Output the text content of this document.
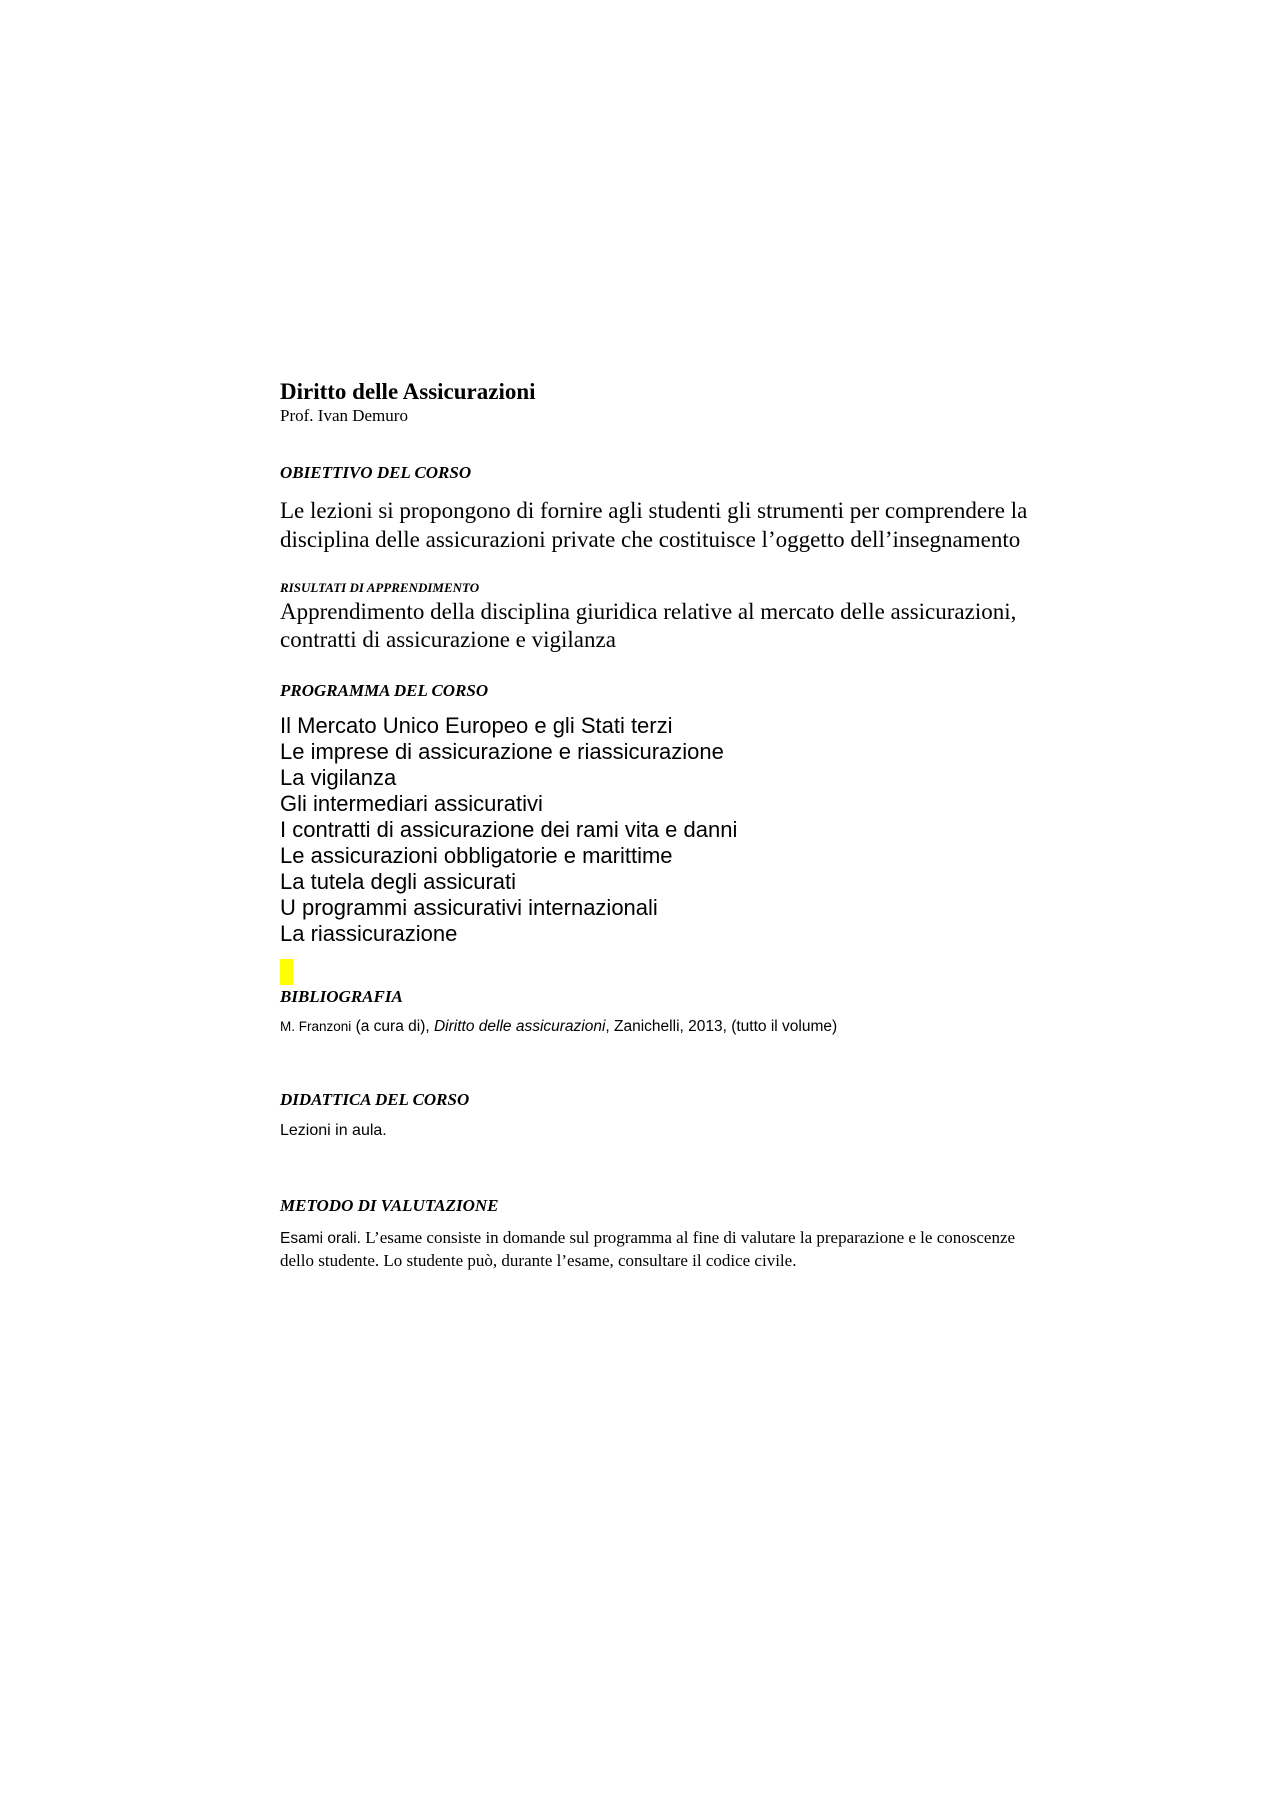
Diritto delle Assicurazioni

Prof. Ivan Demuro

OBIETTIVO DEL CORSO

Le lezioni si propongono di fornire agli studenti gli strumenti per comprendere la
disciplina delle assicurazioni private che costituisce l’oggetto dell’insegnamento

RISULTATI DI APPRENDIMENTO

Apprendimento della disciplina giuridica relative al mercato delle assicurazioni, contratti di assicurazione e vigilanza

PROGRAMMA DEL CORSO
Il Mercato Unico Europeo e gli Stati terzi
Le imprese di assicurazione e riassicurazione
La vigilanza
Gli intermediari assicurativi
I contratti di assicurazione dei rami vita e danni
Le assicurazioni obbligatorie e marittime
La tutela degli assicurati
U programmi assicurativi internazionali
La riassicurazione
BIBLIOGRAFIA

M. Franzoni (a cura di), Diritto delle assicurazioni, Zanichelli, 2013, (tutto il volume)

DIDATTICA DEL CORSO

Lezioni in aula.

METODO DI VALUTAZIONE

Esami orali. L’esame consiste in domande sul programma al fine di valutare la preparazione e le conoscenze dello studente. Lo studente può, durante l’esame, consultare il codice civile.
